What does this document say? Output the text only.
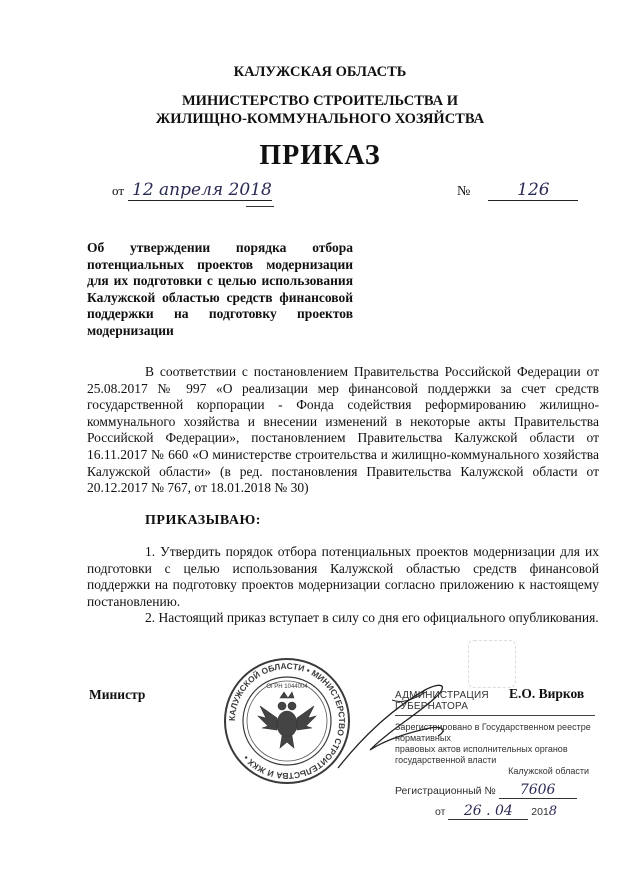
КАЛУЖСКАЯ ОБЛАСТЬ
МИНИСТЕРСТВО СТРОИТЕЛЬСТВА И
ЖИЛИЩНО-КОММУНАЛЬНОГО ХОЗЯЙСТВА
ПРИКАЗ
от 12 апреля 2018	№	126
Об утверждении порядка отбора потенциальных проектов модернизации для их подготовки с целью использования Калужской областью средств финансовой поддержки на подготовку проектов модернизации
В соответствии с постановлением Правительства Российской Федерации от 25.08.2017 № 997 «О реализации мер финансовой поддержки за счет средств государственной корпорации - Фонда содействия реформированию жилищно-коммунального хозяйства и внесении изменений в некоторые акты Правительства Российской Федерации», постановлением Правительства Калужской области от 16.11.2017 № 660 «О министерстве строительства и жилищно-коммунального хозяйства Калужской области» (в ред. постановления Правительства Калужской области от 20.12.2017 № 767, от 18.01.2018 № 30)
ПРИКАЗЫВАЮ:
1. Утвердить порядок отбора потенциальных проектов модернизации для их подготовки с целью использования Калужской областью средств финансовой поддержки на подготовку проектов модернизации согласно приложению к настоящему постановлению.
2. Настоящий приказ вступает в силу со дня его официального опубликования.
Министр
КАЛУЖСКОЙ ОБЛАСТИ • МИНИСТЕРСТВО СТРОИТЕЛЬСТВА И ЖКХ •
ОГРН 1044004
АДМИНИСТРАЦИЯ ГУБЕРНАТОРА
Е.О. Вирков
Зарегистрировано в Государственном реестре нормативных
правовых актов исполнительных органов государственной власти
Калужской области
Регистрационный № 7606
от 26 . 04 2018
